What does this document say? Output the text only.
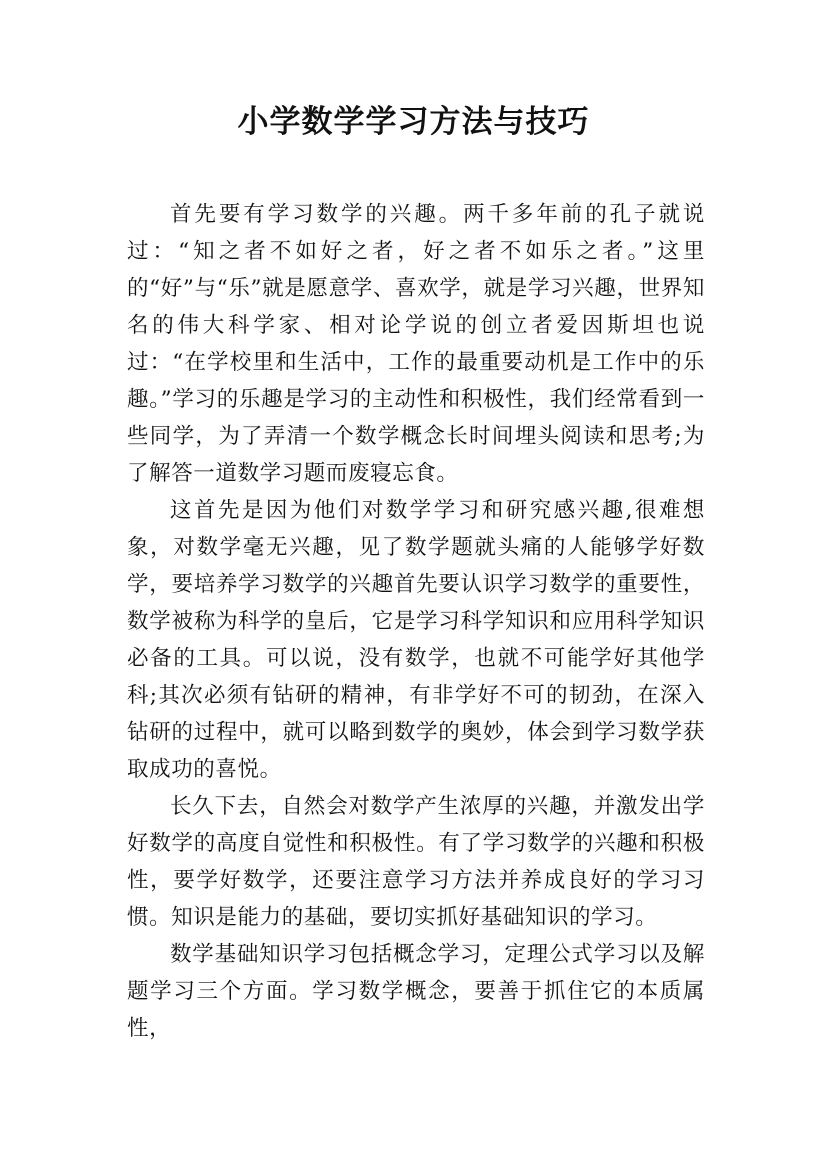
小学数学学习方法与技巧

首先要有学习数学的兴趣。两千多年前的孔子就说过：“知之者不如好之者，好之者不如乐之者。”这里的“好”与“乐”就是愿意学、喜欢学，就是学习兴趣，世界知名的伟大科学家、相对论学说的创立者爱因斯坦也说过：“在学校里和生活中，工作的最重要动机是工作中的乐趣。”学习的乐趣是学习的主动性和积极性，我们经常看到一些同学，为了弄清一个数学概念长时间埋头阅读和思考;为了解答一道数学习题而废寝忘食。

这首先是因为他们对数学学习和研究感兴趣,很难想象，对数学毫无兴趣，见了数学题就头痛的人能够学好数学，要培养学习数学的兴趣首先要认识学习数学的重要性，数学被称为科学的皇后，它是学习科学知识和应用科学知识必备的工具。可以说，没有数学，也就不可能学好其他学科;其次必须有钻研的精神，有非学好不可的韧劲，在深入钻研的过程中，就可以略到数学的奥妙，体会到学习数学获取成功的喜悦。

长久下去，自然会对数学产生浓厚的兴趣，并激发出学好数学的高度自觉性和积极性。有了学习数学的兴趣和积极性，要学好数学，还要注意学习方法并养成良好的学习习惯。知识是能力的基础，要切实抓好基础知识的学习。

数学基础知识学习包括概念学习，定理公式学习以及解题学习三个方面。学习数学概念，要善于抓住它的本质属性，
